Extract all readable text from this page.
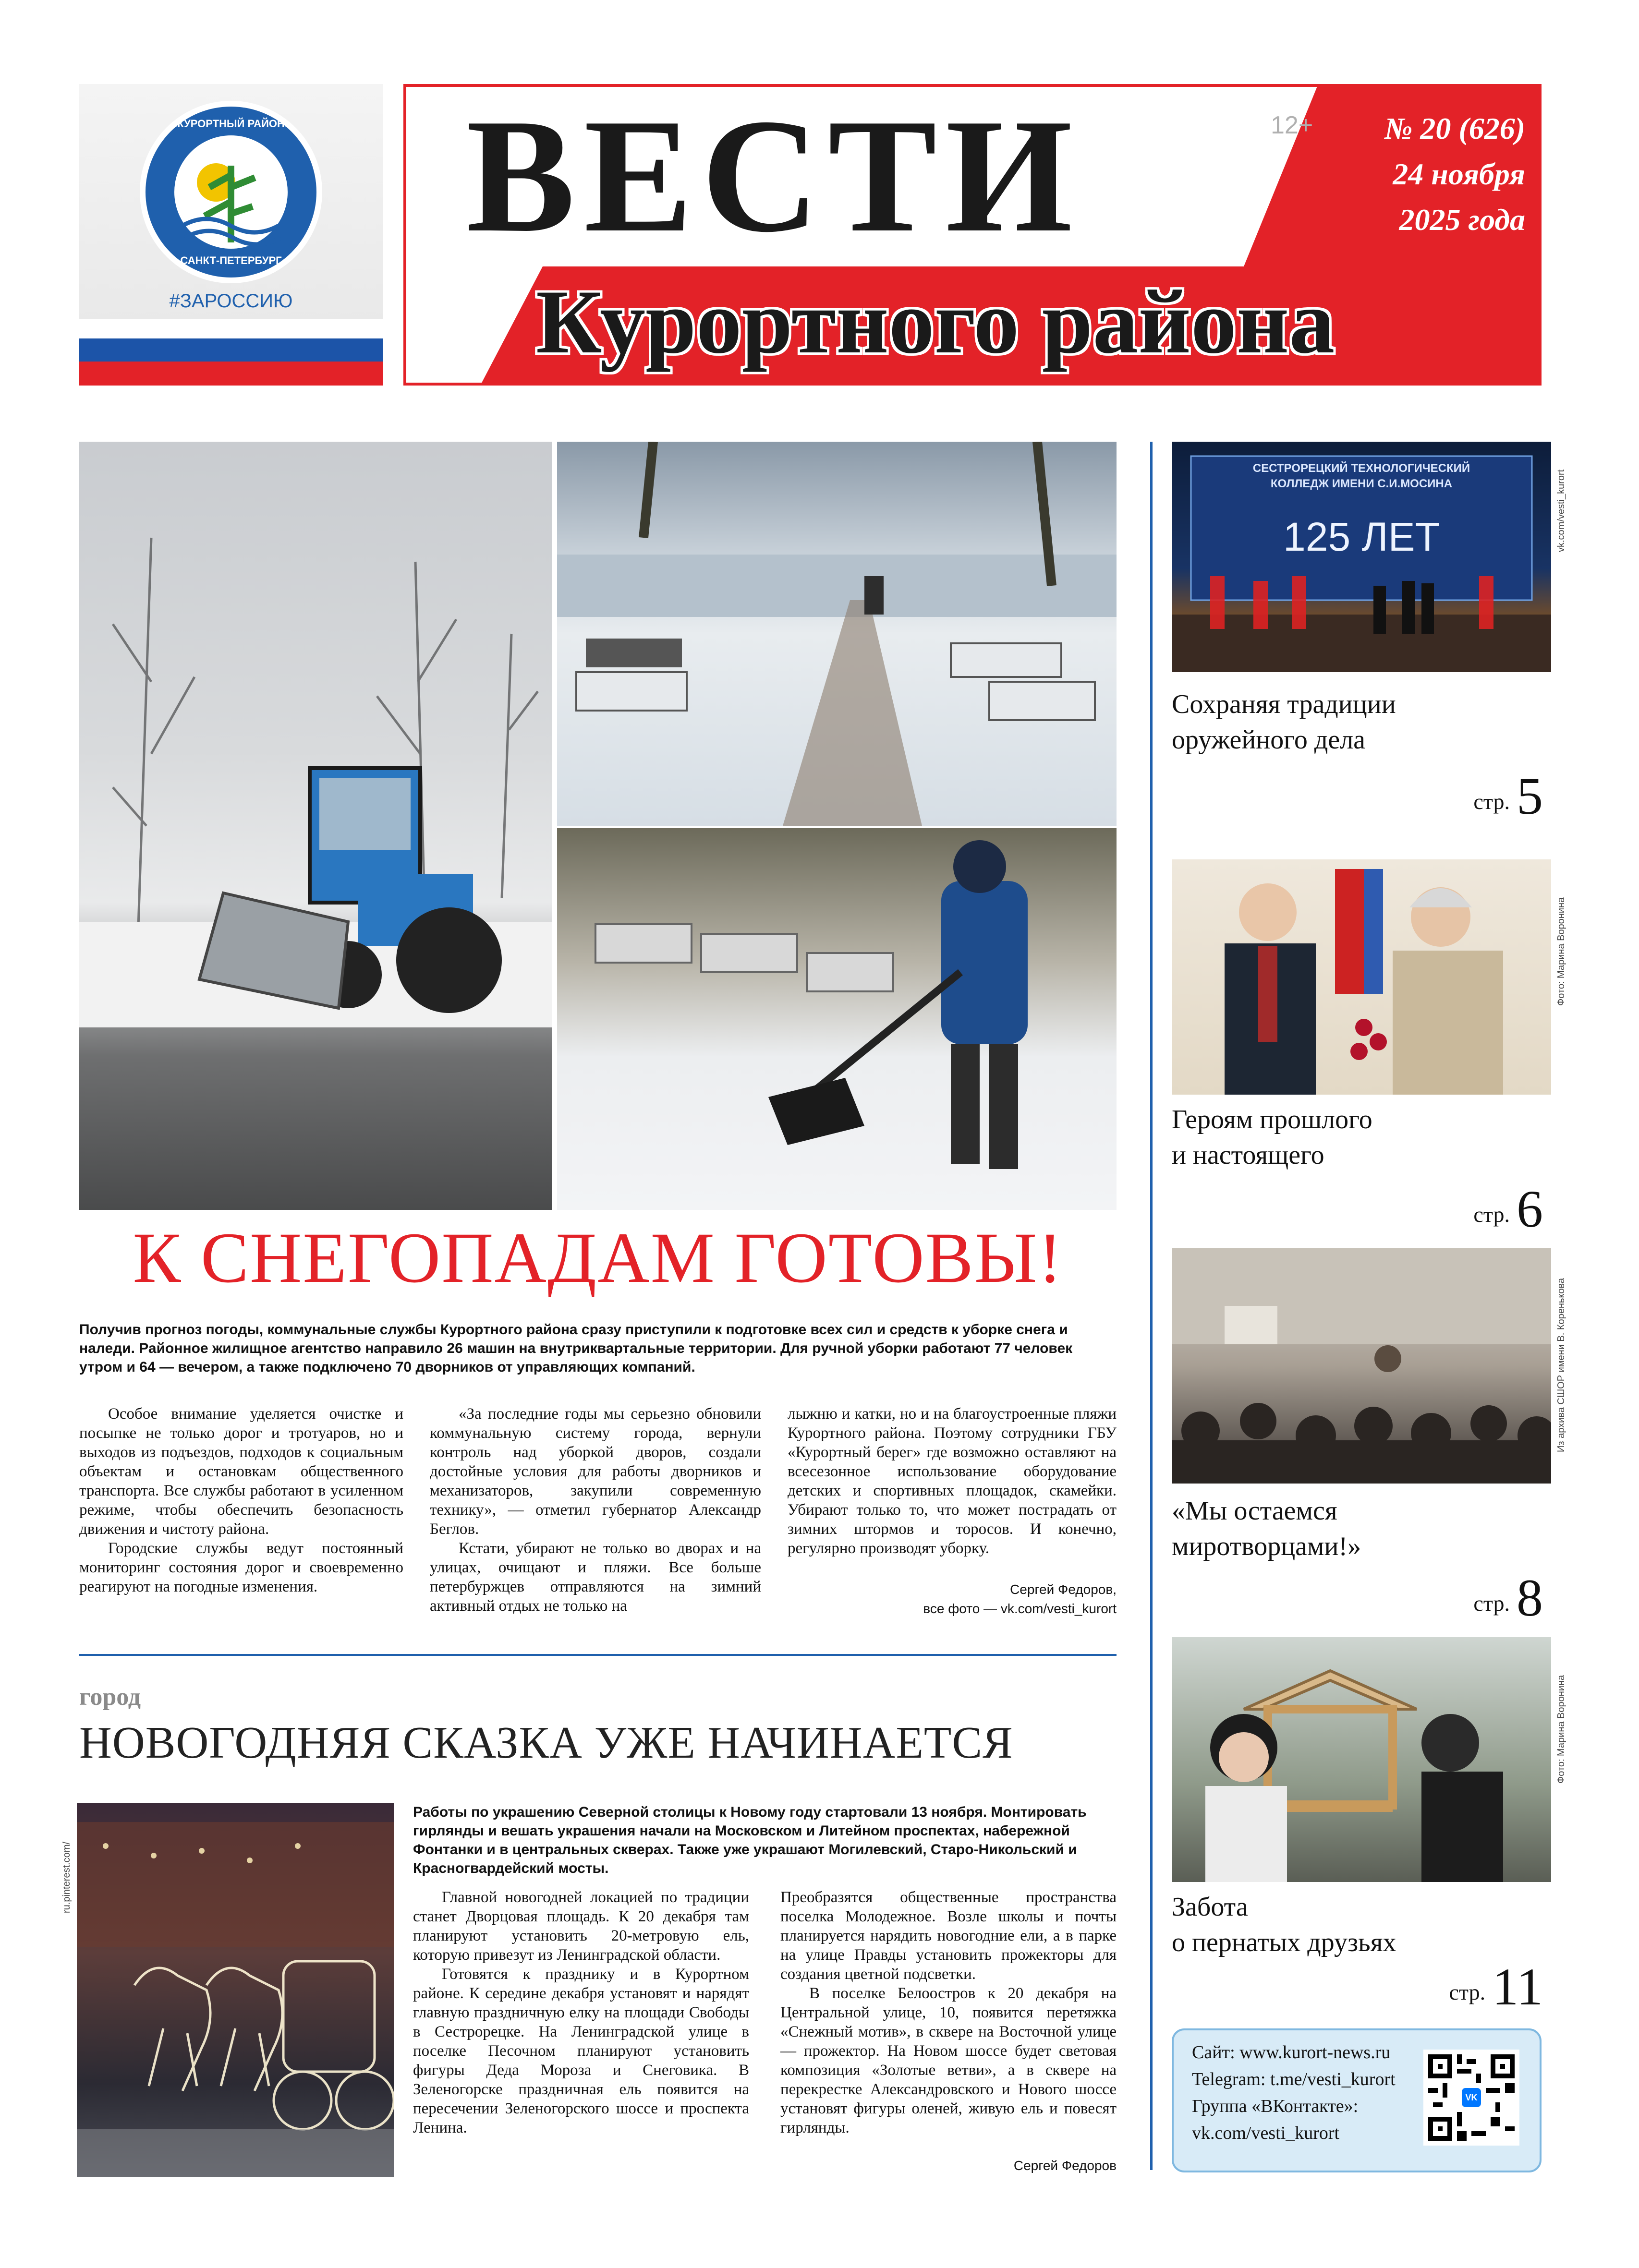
«КУРОРТНЫЙ РАЙОН»
САНКТ-ПЕТЕРБУРГ
#ЗАРОССИЮ
ВЕСТИ	12+	№ 20 (626)
24 ноября
2025 года
Курортного района
К СНЕГОПАДАМ ГОТОВЫ!

Получив прогноз погоды, коммунальные службы Курортного района сразу приступили к подготовке всех сил и средств к уборке снега и наледи. Районное жилищное агентство направило 26 машин на внутриквартальные территории. Для ручной уборки работают 77 человек утром и 64 — вечером, а также подключено 70 дворников от управляющих компаний.

Особое внимание уделяется очистке и посыпке не только дорог и тротуаров, но и выходов из подъездов, подходов к социальным объектам и остановкам общественного транспорта. Все службы работают в усиленном режиме, чтобы обеспечить безопасность движения и чистоту района.

Городские службы ведут постоянный мониторинг состояния дорог и своевременно реагируют на погодные изменения.

«За последние годы мы серьезно обновили коммунальную систему города, вернули контроль над уборкой дворов, создали достойные условия для работы дворников и механизаторов, закупили современную технику», — отметил губернатор Александр Беглов.

Кстати, убирают не только во дворах и на улицах, очищают и пляжи. Все больше петербуржцев отправляются на зимний активный отдых не только на

лыжню и катки, но и на благоустроенные пляжи Курортного района. Поэтому сотрудники ГБУ «Курортный берег» где возможно оставляют на всесезонное использование оборудование детских и спортивных площадок, скамейки. Убирают только то, что может пострадать от зимних штормов и торосов. И конечно, регулярно производят уборку.

Сергей Федоров,
все фото — vk.com/vesti_kurort
город
НОВОГОДНЯЯ СКАЗКА УЖЕ НАЧИНАЕТСЯ
ru.pinterest.com/

Работы по украшению Северной столицы к Новому году стартовали 13 ноября. Монтировать гирлянды и вешать украшения начали на Московском и Литейном проспектах, набережной Фонтанки и в центральных скверах. Также уже украшают Могилевский, Старо-Никольский и Красногвардейский мосты.

Главной новогодней локацией по традиции станет Дворцовая площадь. К 20 декабря там планируют установить 20-метровую ель, которую привезут из Ленинградской области.

Готовятся к празднику и в Курортном районе. К середине декабря установят и нарядят главную праздничную елку на площади Свободы в Сестрорецке. На Ленинградской улице в поселке Песочном планируют установить фигуры Деда Мороза и Снеговика. В Зеленогорске праздничная ель появится на пересечении Зеленогорского шоссе и проспекта Ленина.

Преобразятся общественные пространства поселка Молодежное. Возле школы и почты планируется нарядить новогодние ели, а в парке на улице Правды установить прожекторы для создания цветной подсветки.

В поселке Белоостров к 20 декабря на Центральной улице, 10, появится перетяжка «Снежный мотив», в сквере на Восточной улице — прожектор. На Новом шоссе будет световая композиция «Золотые ветви», а в сквере на перекрестке Александровского и Нового шоссе установят фигуры оленей, живую ель и повесят гирлянды.

Сергей Федоров
СЕСТРОРЕЦКИЙ ТЕХНОЛОГИЧЕСКИЙ
КОЛЛЕДЖ ИМЕНИ С.И.МОСИНА
125 ЛЕТ	vk.com/vesti_kurort
Сохраняя традиции
оружейного дела
стр. 5
Фото: Марина Воронина
Героям прошлого
и настоящего
стр. 6
Из архива СШОР имени В. Коренькова
«Мы остаемся
миротворцами!»
стр. 8
Фото: Марина Воронина
Забота
о пернатых друзьях
стр. 11
Сайт: www.kurort-news.ru
Telegram: t.me/vesti_kurort
Группа «ВКонтакте»:
vk.com/vesti_kurort
VK
